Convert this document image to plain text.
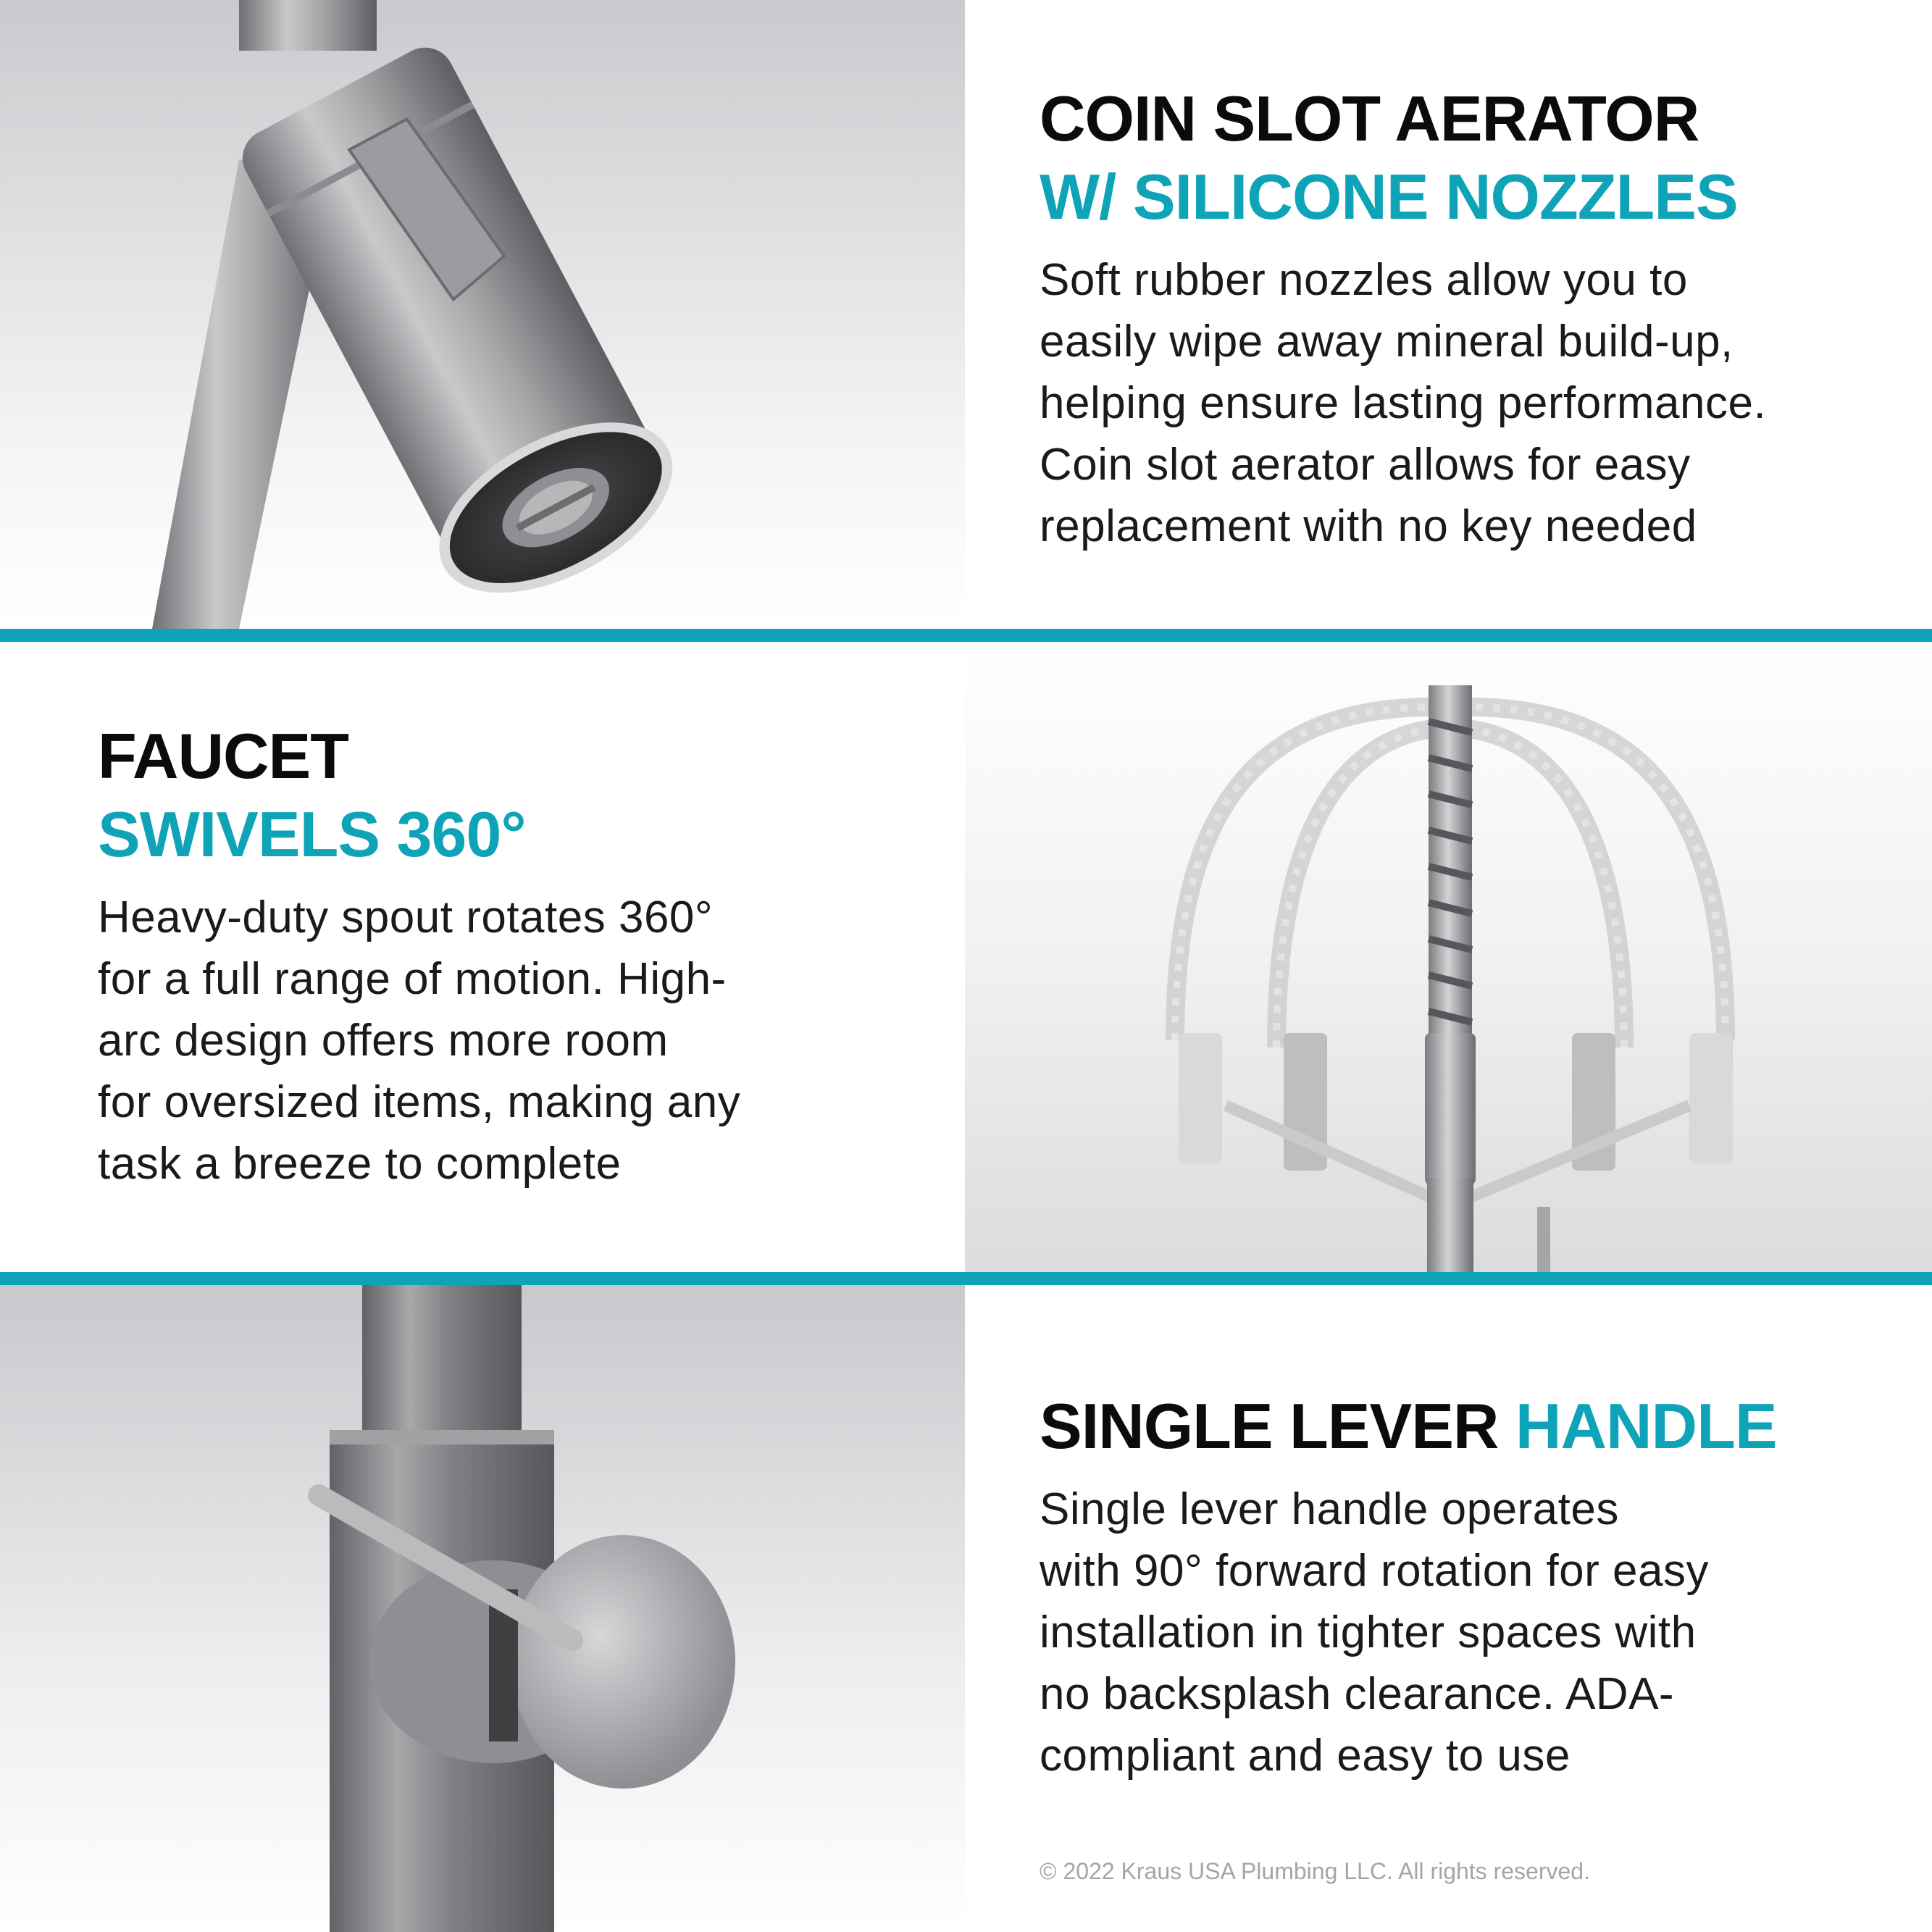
COIN SLOT AERATOR
W/ SILICONE NOZZLES
Soft rubber nozzles allow you to
easily wipe away mineral build-up,
helping ensure lasting performance.
Coin slot aerator allows for easy
replacement with no key needed
FAUCET
SWIVELS 360°
Heavy-duty spout rotates 360°
for a full range of motion. High-
arc design offers more room
for oversized items, making any
task a breeze to complete
SINGLE LEVER HANDLE
Single lever handle operates
with 90° forward rotation for easy
installation in tighter spaces with
no backsplash clearance. ADA-
compliant and easy to use
© 2022 Kraus USA Plumbing LLC. All rights reserved.
